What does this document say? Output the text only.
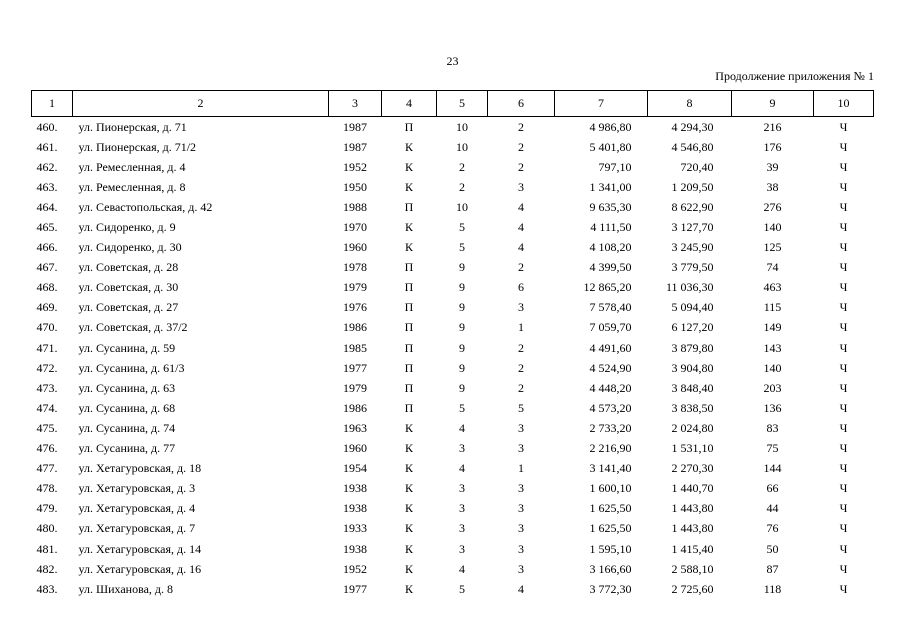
23
Продолжение приложения № 1
1	2	3	4	5	6	7	8	9	10
460.	ул. Пионерская, д. 71	1987	П	10	2	4 986,80	4 294,30	216	Ч
461.	ул. Пионерская, д. 71/2	1987	К	10	2	5 401,80	4 546,80	176	Ч
462.	ул. Ремесленная, д. 4	1952	К	2	2	797,10	720,40	39	Ч
463.	ул. Ремесленная, д. 8	1950	К	2	3	1 341,00	1 209,50	38	Ч
464.	ул. Севастопольская, д. 42	1988	П	10	4	9 635,30	8 622,90	276	Ч
465.	ул. Сидоренко, д. 9	1970	К	5	4	4 111,50	3 127,70	140	Ч
466.	ул. Сидоренко, д. 30	1960	К	5	4	4 108,20	3 245,90	125	Ч
467.	ул. Советская, д. 28	1978	П	9	2	4 399,50	3 779,50	74	Ч
468.	ул. Советская, д. 30	1979	П	9	6	12 865,20	11 036,30	463	Ч
469.	ул. Советская, д. 27	1976	П	9	3	7 578,40	5 094,40	115	Ч
470.	ул. Советская, д. 37/2	1986	П	9	1	7 059,70	6 127,20	149	Ч
471.	ул. Сусанина, д. 59	1985	П	9	2	4 491,60	3 879,80	143	Ч
472.	ул. Сусанина, д. 61/3	1977	П	9	2	4 524,90	3 904,80	140	Ч
473.	ул. Сусанина, д. 63	1979	П	9	2	4 448,20	3 848,40	203	Ч
474.	ул. Сусанина, д. 68	1986	П	5	5	4 573,20	3 838,50	136	Ч
475.	ул. Сусанина, д. 74	1963	К	4	3	2 733,20	2 024,80	83	Ч
476.	ул. Сусанина, д. 77	1960	К	3	3	2 216,90	1 531,10	75	Ч
477.	ул. Хетагуровская, д. 18	1954	К	4	1	3 141,40	2 270,30	144	Ч
478.	ул. Хетагуровская, д. 3	1938	К	3	3	1 600,10	1 440,70	66	Ч
479.	ул. Хетагуровская, д. 4	1938	К	3	3	1 625,50	1 443,80	44	Ч
480.	ул. Хетагуровская, д. 7	1933	К	3	3	1 625,50	1 443,80	76	Ч
481.	ул. Хетагуровская, д. 14	1938	К	3	3	1 595,10	1 415,40	50	Ч
482.	ул. Хетагуровская, д. 16	1952	К	4	3	3 166,60	2 588,10	87	Ч
483.	ул. Шиханова, д. 8	1977	К	5	4	3 772,30	2 725,60	118	Ч
